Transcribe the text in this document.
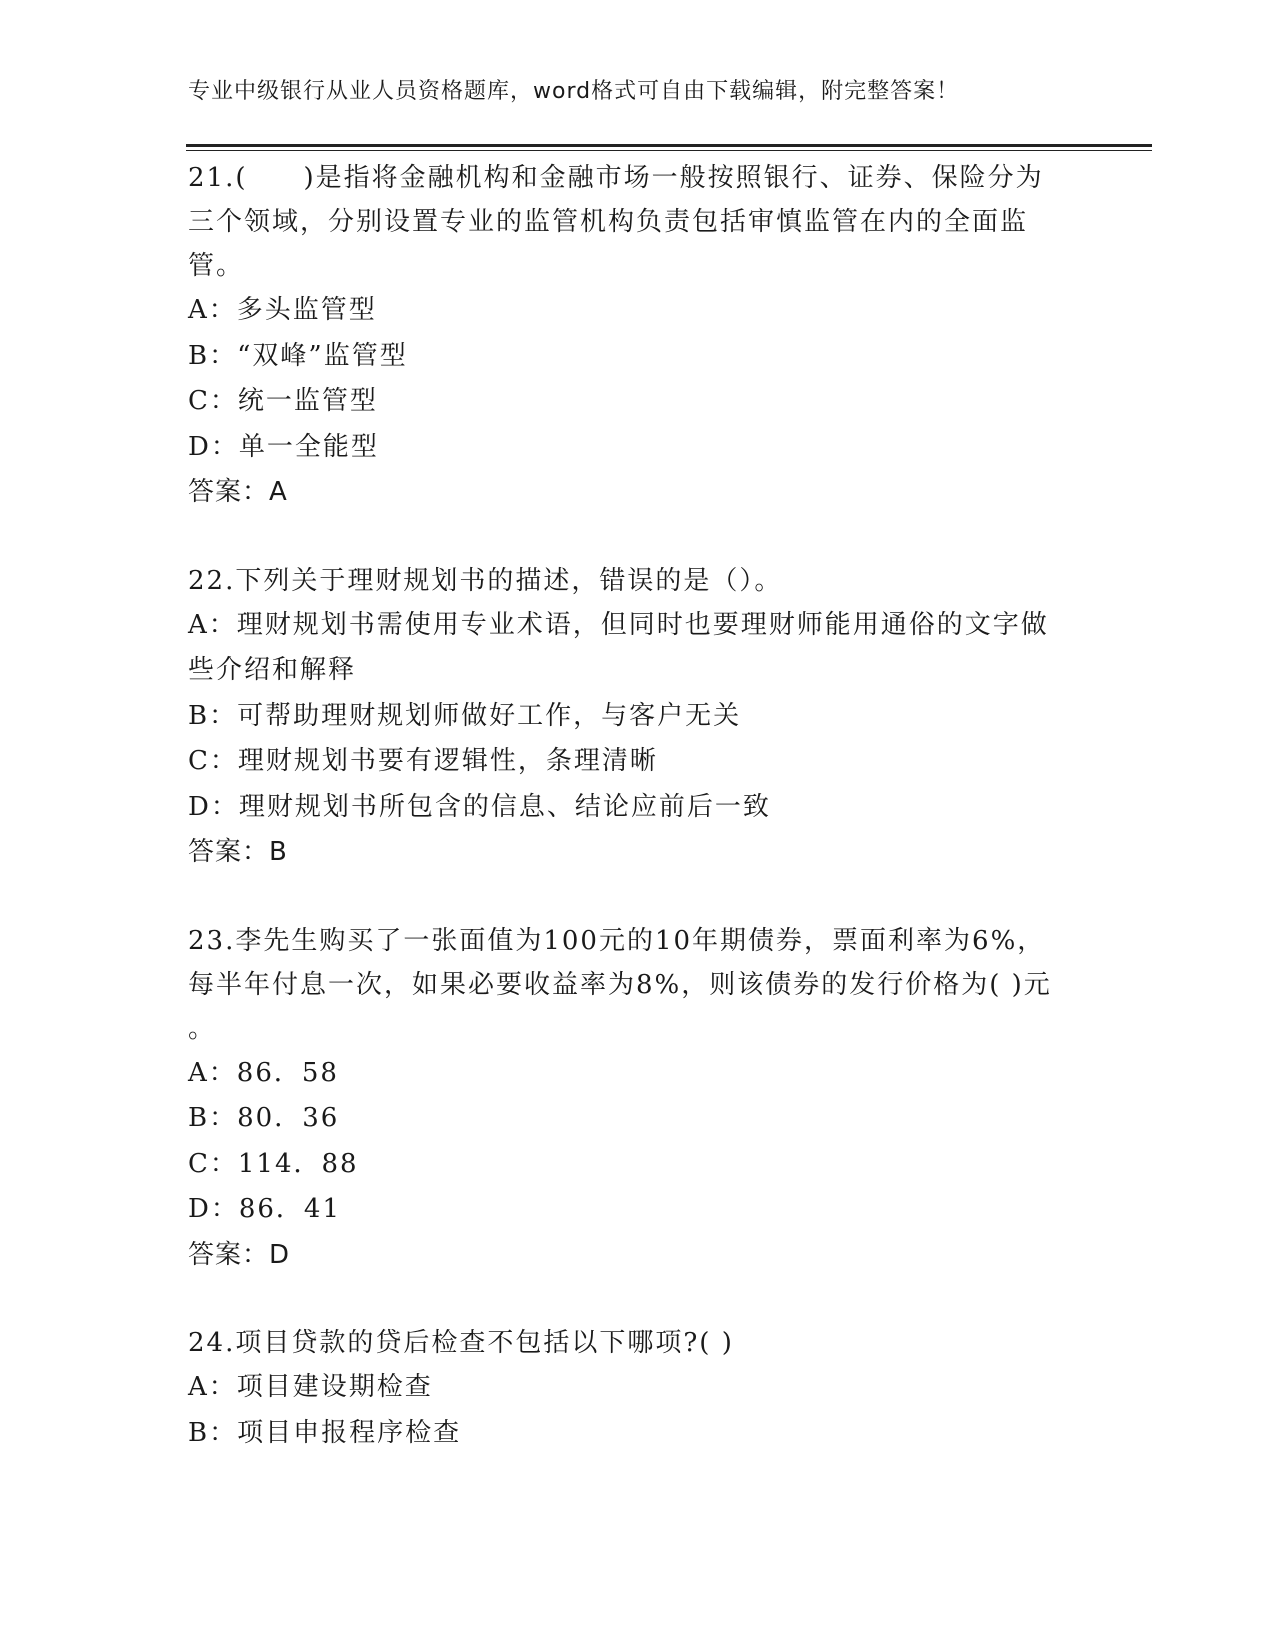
专业中级银行从业人员资格题库，word格式可自由下载编辑，附完整答案！
21.(　　)是指将金融机构和金融市场一般按照银行、证券、保险分为
三个领域，分别设置专业的监管机构负责包括审慎监管在内的全面监
管。
A：多头监管型
B：“双峰”监管型
C：统一监管型
D：单一全能型
答案：A
22.下列关于理财规划书的描述，错误的是（）。
A：理财规划书需使用专业术语，但同时也要理财师能用通俗的文字做
些介绍和解释
B：可帮助理财规划师做好工作，与客户无关
C：理财规划书要有逻辑性，条理清晰
D：理财规划书所包含的信息、结论应前后一致
答案：B
23.李先生购买了一张面值为100元的10年期债券，票面利率为6%，
每半年付息一次，如果必要收益率为8%，则该债券的发行价格为( )元
。
A：86．58
B：80．36
C：114．88
D：86．41
答案：D
24.项目贷款的贷后检查不包括以下哪项?( )
A：项目建设期检查
B：项目申报程序检查
